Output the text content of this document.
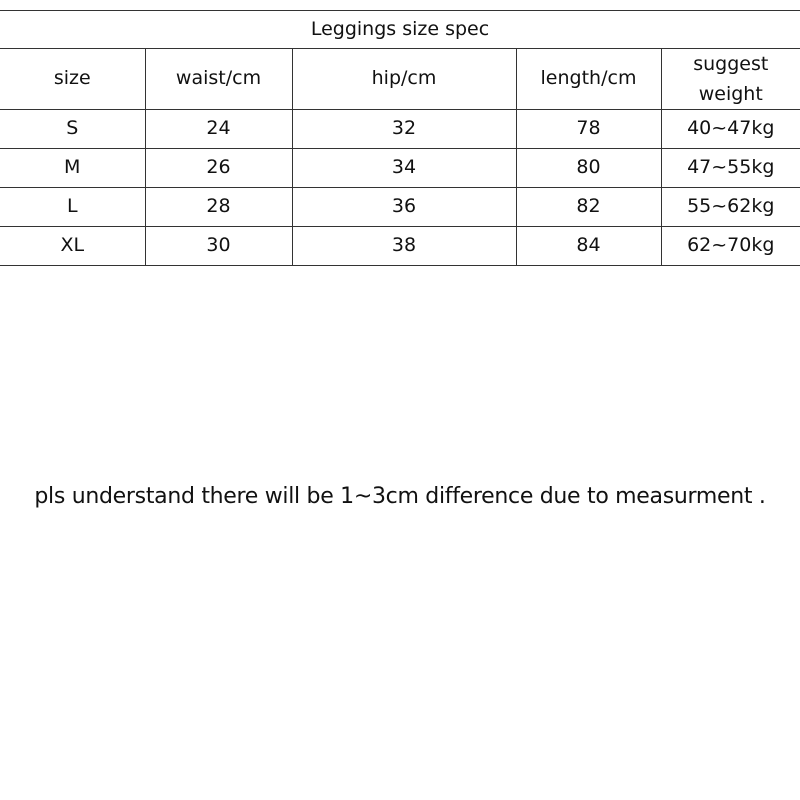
Leggings size spec				
size	waist/cm	hip/cm	length/cm	suggest
weight

S	24	32	78	40~47kg
M	26	34	80	47~55kg
L	28	36	82	55~62kg
XL	30	38	84	62~70kg
pls understand there will be 1~3cm difference due to measurment .
